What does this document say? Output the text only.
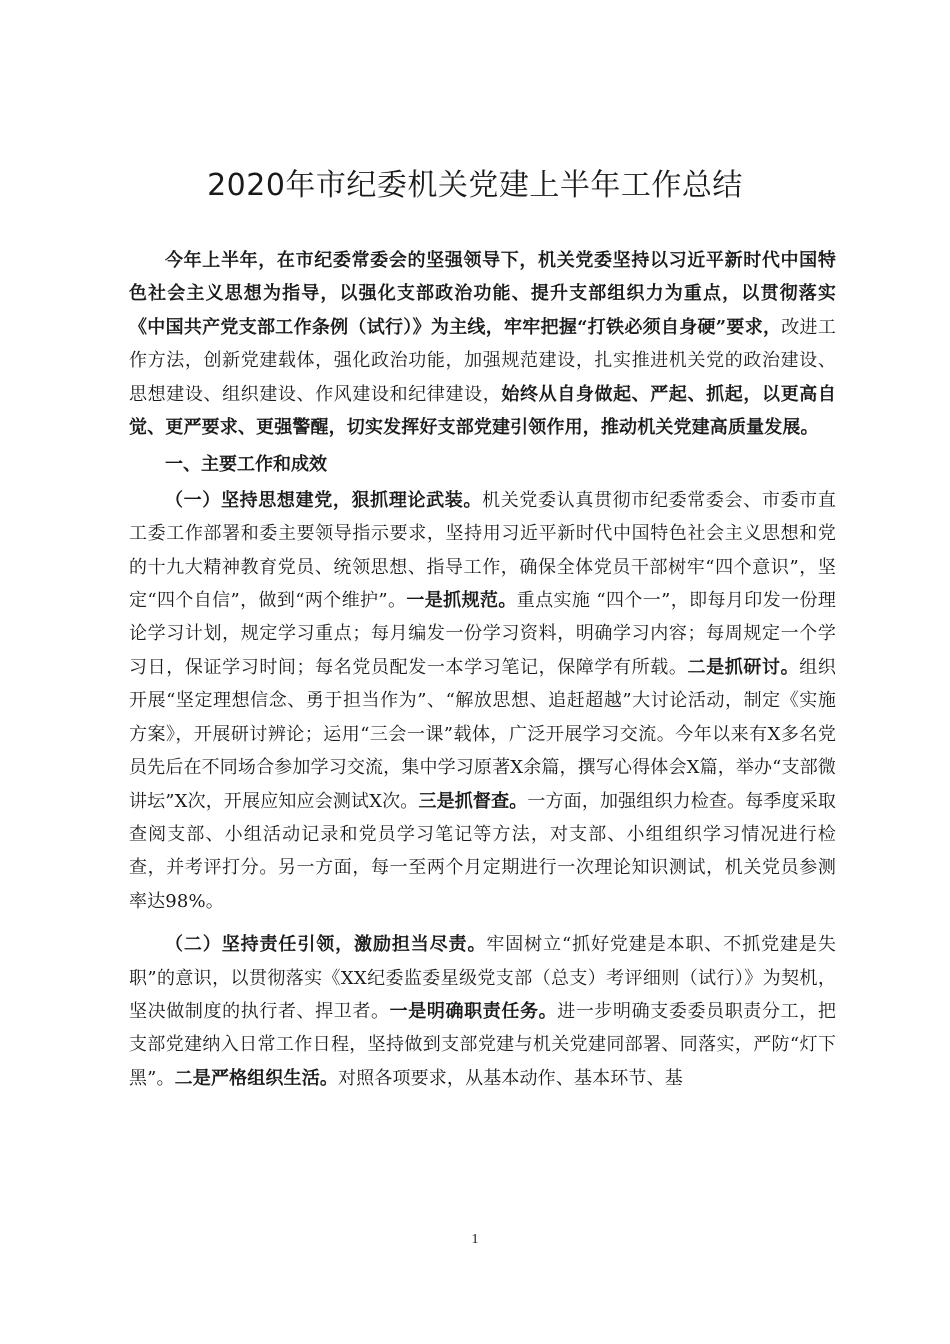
2020年市纪委机关党建上半年工作总结

今年上半年，在市纪委常委会的坚强领导下，机关党委坚持以习近平新时代中国特色社会主义思想为指导，以强化支部政治功能、提升支部组织力为重点，以贯彻落实《中国共产党支部工作条例（试行）》为主线，牢牢把握“打铁必须自身硬”要求，改进工作方法，创新党建载体，强化政治功能，加强规范建设，扎实推进机关党的政治建设、思想建设、组织建设、作风建设和纪律建设，始终从自身做起、严起、抓起，以更高自觉、更严要求、更强警醒，切实发挥好支部党建引领作用，推动机关党建高质量发展。

一、主要工作和成效

（一）坚持思想建党，狠抓理论武装。机关党委认真贯彻市纪委常委会、市委市直工委工作部署和委主要领导指示要求，坚持用习近平新时代中国特色社会主义思想和党的十九大精神教育党员、统领思想、指导工作，确保全体党员干部树牢“四个意识”，坚定“四个自信”，做到“两个维护”。一是抓规范。重点实施 “四个一”，即每月印发一份理论学习计划，规定学习重点；每月编发一份学习资料，明确学习内容；每周规定一个学习日，保证学习时间；每名党员配发一本学习笔记，保障学有所载。二是抓研讨。组织开展“坚定理想信念、勇于担当作为”、“解放思想、追赶超越”大讨论活动，制定《实施方案》，开展研讨辨论；运用“三会一课”载体，广泛开展学习交流。今年以来有X多名党员先后在不同场合参加学习交流，集中学习原著X余篇，撰写心得体会X篇，举办“支部微讲坛”X次，开展应知应会测试X次。三是抓督查。一方面，加强组织力检查。每季度采取查阅支部、小组活动记录和党员学习笔记等方法，对支部、小组组织学习情况进行检查，并考评打分。另一方面，每一至两个月定期进行一次理论知识测试，机关党员参测率达98%。

（二）坚持责任引领，激励担当尽责。牢固树立“抓好党建是本职、不抓党建是失职”的意识，以贯彻落实《XX纪委监委星级党支部（总支）考评细则（试行）》为契机，坚决做制度的执行者、捍卫者。一是明确职责任务。进一步明确支委委员职责分工，把支部党建纳入日常工作日程，坚持做到支部党建与机关党建同部署、同落实，严防“灯下黑”。二是严格组织生活。对照各项要求，从基本动作、基本环节、基

1
